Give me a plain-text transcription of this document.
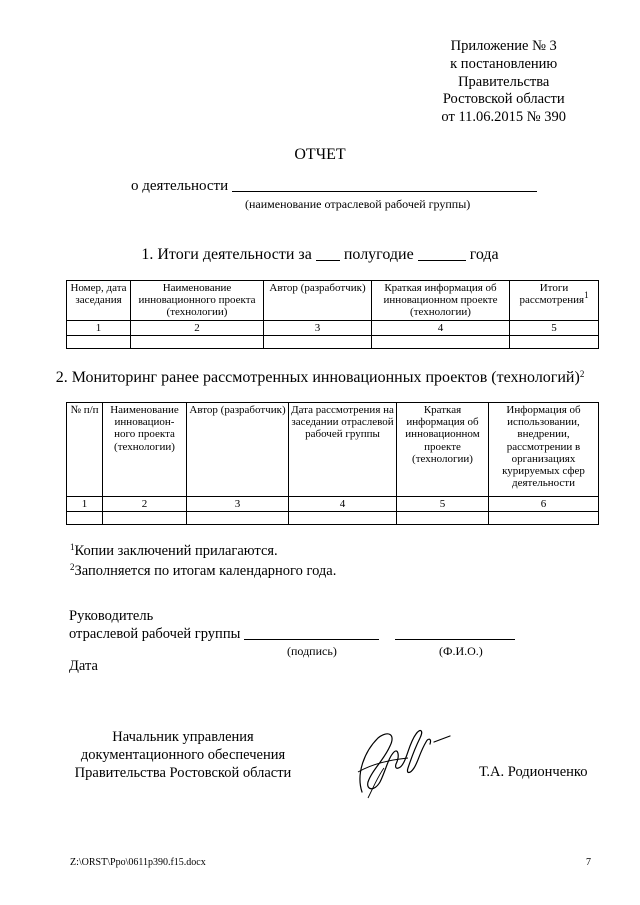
Приложение № 3
к постановлению
Правительства
Ростовской области
от 11.06.2015 № 390
ОТЧЕТ
о деятельности
(наименование отраслевой рабочей группы)
1. Итоги деятельности за полугодие	года
Номер, дата заседания	Наименование инновационного проекта (технологии)	Автор (разработчик)	Краткая информация об инновационном проекте (технологии)	Итоги рассмотрения$^1$
1	2	3	4	5

2. Мониторинг ранее рассмотренных инновационных проектов (технологий)$^2$
№ п/п	Наименование инновацион-ного проекта (технологии)	Автор (разработчик)	Дата рассмотрения на заседании отраслевой рабочей группы	Краткая информация об инновационном проекте (технологии)	Информация об использовании, внедрении, рассмотрении в организациях курируемых сфер деятельности
1	2	3	4	5	6

$^1$Копии заключений прилагаются.
$^2$Заполняется по итогам календарного года.
Руководитель
отраслевой рабочей группы
(подпись)	(Ф.И.О.)
Дата
Начальник управления
документационного обеспечения
Правительства Ростовской области	Т.А. Родионченко
Z:\ORST\Ppo\0611p390.f15.docx	7
